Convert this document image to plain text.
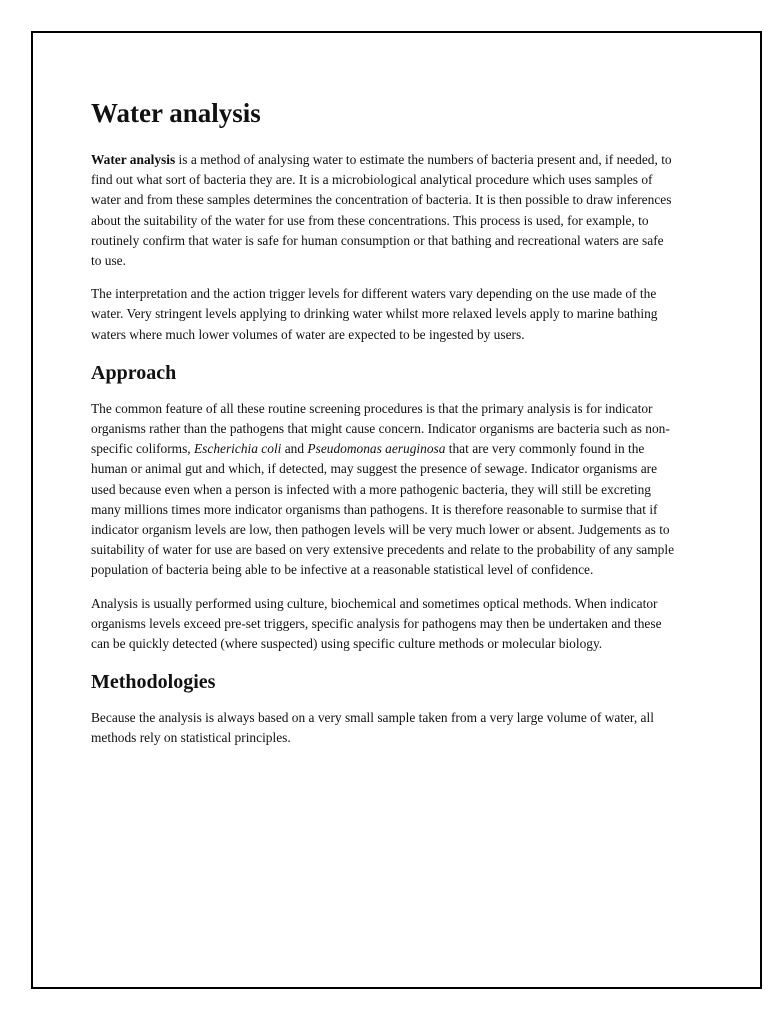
Water analysis

Water analysis is a method of analysing water to estimate the numbers of bacteria present and, if needed, to find out what sort of bacteria they are. It is a microbiological analytical procedure which uses samples of water and from these samples determines the concentration of bacteria. It is then possible to draw inferences about the suitability of the water for use from these concentrations. This process is used, for example, to routinely confirm that water is safe for human consumption or that bathing and recreational waters are safe to use.

The interpretation and the action trigger levels for different waters vary depending on the use made of the water. Very stringent levels applying to drinking water whilst more relaxed levels apply to marine bathing waters where much lower volumes of water are expected to be ingested by users.

Approach

The common feature of all these routine screening procedures is that the primary analysis is for indicator organisms rather than the pathogens that might cause concern. Indicator organisms are bacteria such as non-specific coliforms, Escherichia coli and Pseudomonas aeruginosa that are very commonly found in the human or animal gut and which, if detected, may suggest the presence of sewage. Indicator organisms are used because even when a person is infected with a more pathogenic bacteria, they will still be excreting many millions times more indicator organisms than pathogens. It is therefore reasonable to surmise that if indicator organism levels are low, then pathogen levels will be very much lower or absent. Judgements as to suitability of water for use are based on very extensive precedents and relate to the probability of any sample population of bacteria being able to be infective at a reasonable statistical level of confidence.

Analysis is usually performed using culture, biochemical and sometimes optical methods. When indicator organisms levels exceed pre-set triggers, specific analysis for pathogens may then be undertaken and these can be quickly detected (where suspected) using specific culture methods or molecular biology.

Methodologies

Because the analysis is always based on a very small sample taken from a very large volume of water, all methods rely on statistical principles.
